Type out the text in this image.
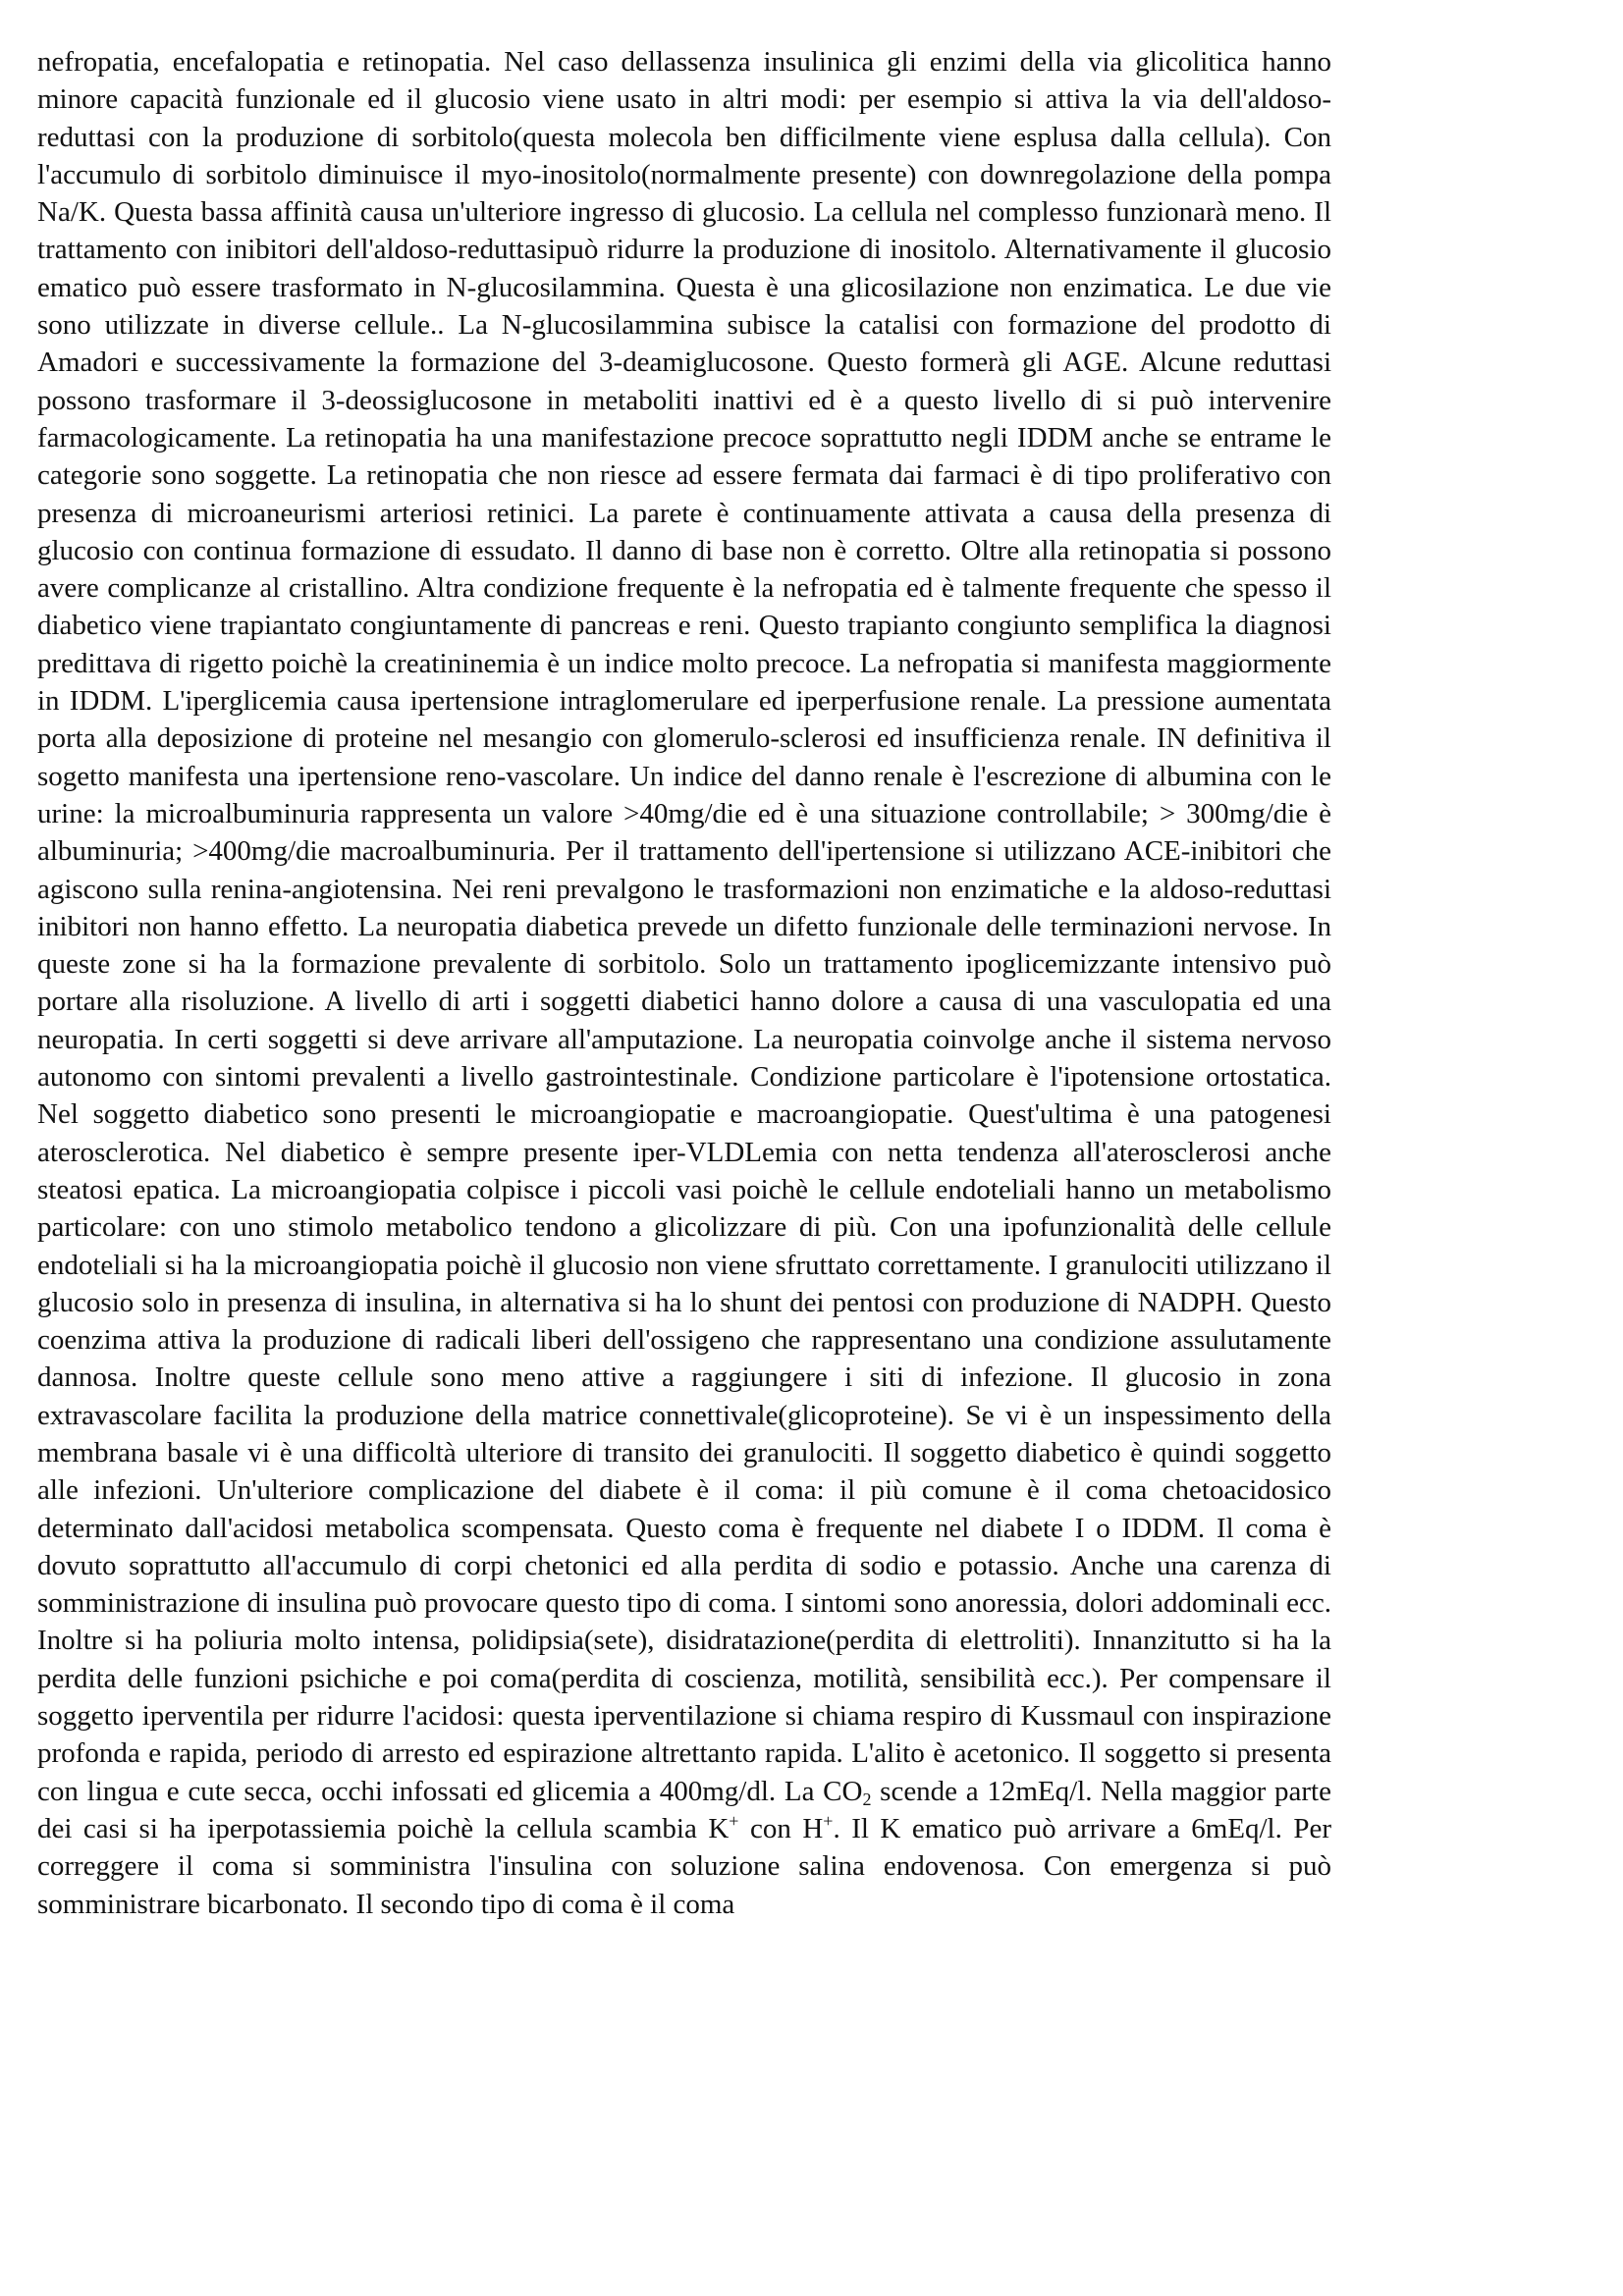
nefropatia, encefalopatia e retinopatia. Nel caso dellassenza insulinica gli enzimi della via glicolitica hanno minore capacità funzionale ed il glucosio viene usato in altri modi: per esempio si attiva la via dell'aldoso-reduttasi con la produzione di sorbitolo(questa molecola ben difficilmente viene esplusa dalla cellula). Con l'accumulo di sorbitolo diminuisce il myo-inositolo(normalmente presente) con downregolazione della pompa Na/K. Questa bassa affinità causa un'ulteriore ingresso di glucosio. La cellula nel complesso funzionarà meno. Il trattamento con inibitori dell'aldoso-reduttasipuò ridurre la produzione di inositolo. Alternativamente il glucosio ematico può essere trasformato in N-glucosilammina. Questa è una glicosilazione non enzimatica. Le due vie sono utilizzate in diverse cellule.. La N-glucosilammina subisce la catalisi con formazione del prodotto di Amadori e successivamente la formazione del 3-deamiglucosone. Questo formerà gli AGE. Alcune reduttasi possono trasformare il 3-deossiglucosone in metaboliti inattivi ed è a questo livello di si può intervenire farmacologicamente. La retinopatia ha una manifestazione precoce soprattutto negli IDDM anche se entrame le categorie sono soggette. La retinopatia che non riesce ad essere fermata dai farmaci è di tipo proliferativo con presenza di microaneurismi arteriosi retinici. La parete è continuamente attivata a causa della presenza di glucosio con continua formazione di essudato. Il danno di base non è corretto. Oltre alla retinopatia si possono avere complicanze al cristallino. Altra condizione frequente è la nefropatia ed è talmente frequente che spesso il diabetico viene trapiantato congiuntamente di pancreas e reni. Questo trapianto congiunto semplifica la diagnosi predittava di rigetto poichè la creatininemia è un indice molto precoce. La nefropatia si manifesta maggiormente in IDDM. L'iperglicemia causa ipertensione intraglomerulare ed iperperfusione renale. La pressione aumentata porta alla deposizione di proteine nel mesangio con glomerulo-sclerosi ed insufficienza renale. IN definitiva il sogetto manifesta una ipertensione reno-vascolare. Un indice del danno renale è l'escrezione di albumina con le urine: la microalbuminuria rappresenta un valore >40mg/die ed è una situazione controllabile; > 300mg/die è albuminuria; >400mg/die macroalbuminuria. Per il trattamento dell'ipertensione si utilizzano ACE-inibitori che agiscono sulla renina-angiotensina. Nei reni prevalgono le trasformazioni non enzimatiche e la aldoso-reduttasi inibitori non hanno effetto. La neuropatia diabetica prevede un difetto funzionale delle terminazioni nervose. In queste zone si ha la formazione prevalente di sorbitolo. Solo un trattamento ipoglicemizzante intensivo può portare alla risoluzione. A livello di arti i soggetti diabetici hanno dolore a causa di una vasculopatia ed una neuropatia. In certi soggetti si deve arrivare all'amputazione. La neuropatia coinvolge anche il sistema nervoso autonomo con sintomi prevalenti a livello gastrointestinale. Condizione particolare è l'ipotensione ortostatica. Nel soggetto diabetico sono presenti le microangiopatie e macroangiopatie. Quest'ultima è una patogenesi aterosclerotica. Nel diabetico è sempre presente iper-VLDLemia con netta tendenza all'aterosclerosi anche steatosi epatica. La microangiopatia colpisce i piccoli vasi poichè le cellule endoteliali hanno un metabolismo particolare: con uno stimolo metabolico tendono a glicolizzare di più. Con una ipofunzionalità delle cellule endoteliali si ha la microangiopatia poichè il glucosio non viene sfruttato correttamente. I granulociti utilizzano il glucosio solo in presenza di insulina, in alternativa si ha lo shunt dei pentosi con produzione di NADPH. Questo coenzima attiva la produzione di radicali liberi dell'ossigeno che rappresentano una condizione assulutamente dannosa. Inoltre queste cellule sono meno attive a raggiungere i siti di infezione. Il glucosio in zona extravascolare facilita la produzione della matrice connettivale(glicoproteine). Se vi è un inspessimento della membrana basale vi è una difficoltà ulteriore di transito dei granulociti. Il soggetto diabetico è quindi soggetto alle infezioni. Un'ulteriore complicazione del diabete è il coma: il più comune è il coma chetoacidosico determinato dall'acidosi metabolica scompensata. Questo coma è frequente nel diabete I o IDDM. Il coma è dovuto soprattutto all'accumulo di corpi chetonici ed alla perdita di sodio e potassio. Anche una carenza di somministrazione di insulina può provocare questo tipo di coma. I sintomi sono anoressia, dolori addominali ecc. Inoltre si ha poliuria molto intensa, polidipsia(sete), disidratazione(perdita di elettroliti). Innanzitutto si ha la perdita delle funzioni psichiche e poi coma(perdita di coscienza, motilità, sensibilità ecc.). Per compensare il soggetto iperventila per ridurre l'acidosi: questa iperventilazione si chiama respiro di Kussmaul con inspirazione profonda e rapida, periodo di arresto ed espirazione altrettanto rapida. L'alito è acetonico. Il soggetto si presenta con lingua e cute secca, occhi infossati ed glicemia a 400mg/dl. La $CO_2$ scende a 12mEq/l. Nella maggior parte dei casi si ha iperpotassiemia poichè la cellula scambia K+ con H+. Il K ematico può arrivare a 6mEq/l. Per correggere il coma si somministra l'insulina con soluzione salina endovenosa. Con emergenza si può somministrare bicarbonato. Il secondo tipo di coma è il coma
